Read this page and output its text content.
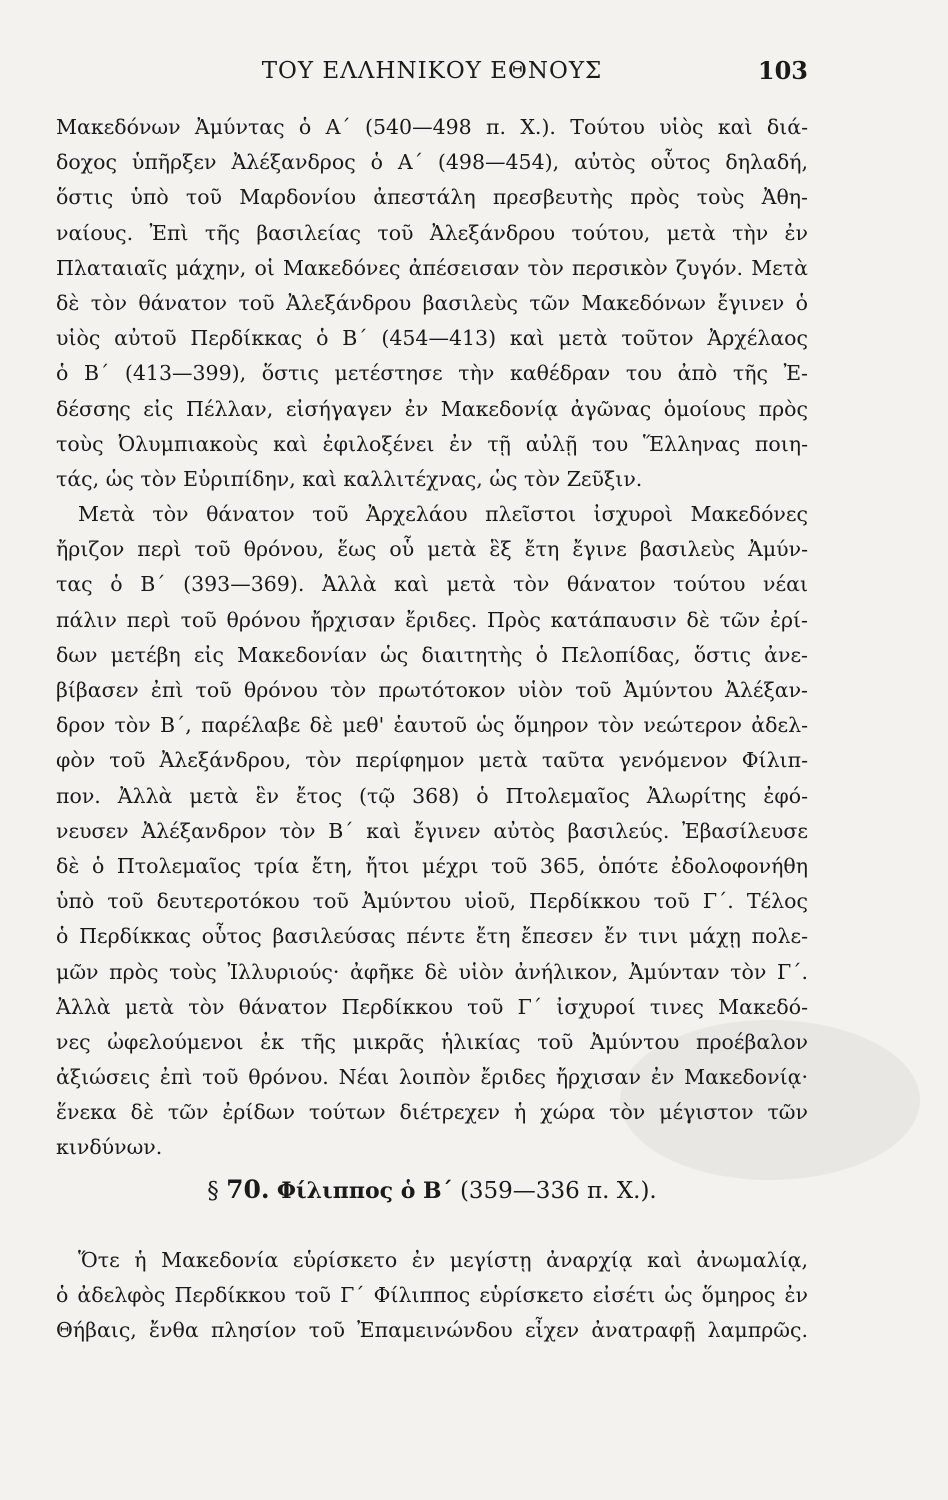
ΤΟΥ ΕΛΛΗΝΙΚΟΥ ΕΘΝΟΥΣ	103
Μακεδόνων Ἀμύντας ὁ Α΄ (540—498 π. Χ.). Τούτου υἱὸς καὶ διά-
δοχος ὑπῆρξεν Ἀλέξανδρος ὁ Α΄ (498—454), αὐτὸς οὗτος δηλαδή,
ὅστις ὑπὸ τοῦ Μαρδονίου ἀπεστάλη πρεσβευτὴς πρὸς τοὺς Ἀθη-
ναίους. Ἐπὶ τῆς βασιλείας τοῦ Ἀλεξάνδρου τούτου, μετὰ τὴν ἐν
Πλαταιαῖς μάχην, οἱ Μακεδόνες ἀπέσεισαν τὸν περσικὸν ζυγόν. Μετὰ
δὲ τὸν θάνατον τοῦ Ἀλεξάνδρου βασιλεὺς τῶν Μακεδόνων ἔγινεν ὁ
υἱὸς αὐτοῦ Περδίκκας ὁ Β΄ (454—413) καὶ μετὰ τοῦτον Ἀρχέλαος
ὁ Β΄ (413—399), ὅστις μετέστησε τὴν καθέδραν του ἀπὸ τῆς Ἐ-
δέσσης εἰς Πέλλαν, εἰσήγαγεν ἐν Μακεδονίᾳ ἀγῶνας ὁμοίους πρὸς
τοὺς Ὀλυμπιακοὺς καὶ ἐφιλοξένει ἐν τῇ αὐλῇ του Ἕλληνας ποιη-
τάς, ὡς τὸν Εὐριπίδην, καὶ καλλιτέχνας, ὡς τὸν Ζεῦξιν.
Μετὰ τὸν θάνατον τοῦ Ἀρχελάου πλεῖστοι ἰσχυροὶ Μακεδόνες
ἤριζον περὶ τοῦ θρόνου, ἕως οὗ μετὰ ἓξ ἔτη ἔγινε βασιλεὺς Ἀμύν-
τας ὁ Β΄ (393—369). Ἀλλὰ καὶ μετὰ τὸν θάνατον τούτου νέαι
πάλιν περὶ τοῦ θρόνου ἤρχισαν ἔριδες. Πρὸς κατάπαυσιν δὲ τῶν ἐρί-
δων μετέβη εἰς Μακεδονίαν ὡς διαιτητὴς ὁ Πελοπίδας, ὅστις ἀνε-
βίβασεν ἐπὶ τοῦ θρόνου τὸν πρωτότοκον υἱὸν τοῦ Ἀμύντου Ἀλέξαν-
δρον τὸν Β΄, παρέλαβε δὲ μεθ' ἑαυτοῦ ὡς ὅμηρον τὸν νεώτερον ἀδελ-
φὸν τοῦ Ἀλεξάνδρου, τὸν περίφημον μετὰ ταῦτα γενόμενον Φίλιπ-
πον. Ἀλλὰ μετὰ ἓν ἔτος (τῷ 368) ὁ Πτολεμαῖος Ἀλωρίτης ἐφό-
νευσεν Ἀλέξανδρον τὸν Β΄ καὶ ἔγινεν αὐτὸς βασιλεύς. Ἐβασίλευσε
δὲ ὁ Πτολεμαῖος τρία ἔτη, ἤτοι μέχρι τοῦ 365, ὁπότε ἐδολοφονήθη
ὑπὸ τοῦ δευτεροτόκου τοῦ Ἀμύντου υἱοῦ, Περδίκκου τοῦ Γ΄. Τέλος
ὁ Περδίκκας οὗτος βασιλεύσας πέντε ἔτη ἔπεσεν ἔν τινι μάχῃ πολε-
μῶν πρὸς τοὺς Ἰλλυριούς· ἀφῆκε δὲ υἱὸν ἀνήλικον, Ἀμύνταν τὸν Γ΄.
Ἀλλὰ μετὰ τὸν θάνατον Περδίκκου τοῦ Γ΄ ἰσχυροί τινες Μακεδό-
νες ὠφελούμενοι ἐκ τῆς μικρᾶς ἡλικίας τοῦ Ἀμύντου προέβαλον
ἀξιώσεις ἐπὶ τοῦ θρόνου. Νέαι λοιπὸν ἔριδες ἤρχισαν ἐν Μακεδονίᾳ·
ἕνεκα δὲ τῶν ἐρίδων τούτων διέτρεχεν ἡ χώρα τὸν μέγιστον τῶν
κινδύνων.
§ 70. Φίλιππος ὁ Β΄ (359—336 π. Χ.).
Ὅτε ἡ Μακεδονία εὑρίσκετο ἐν μεγίστῃ ἀναρχίᾳ καὶ ἀνωμαλίᾳ,
ὁ ἀδελφὸς Περδίκκου τοῦ Γ΄ Φίλιππος εὑρίσκετο εἰσέτι ὡς ὅμηρος ἐν
Θήβαις, ἔνθα πλησίον τοῦ Ἐπαμεινώνδου εἶχεν ἀνατραφῇ λαμπρῶς.
